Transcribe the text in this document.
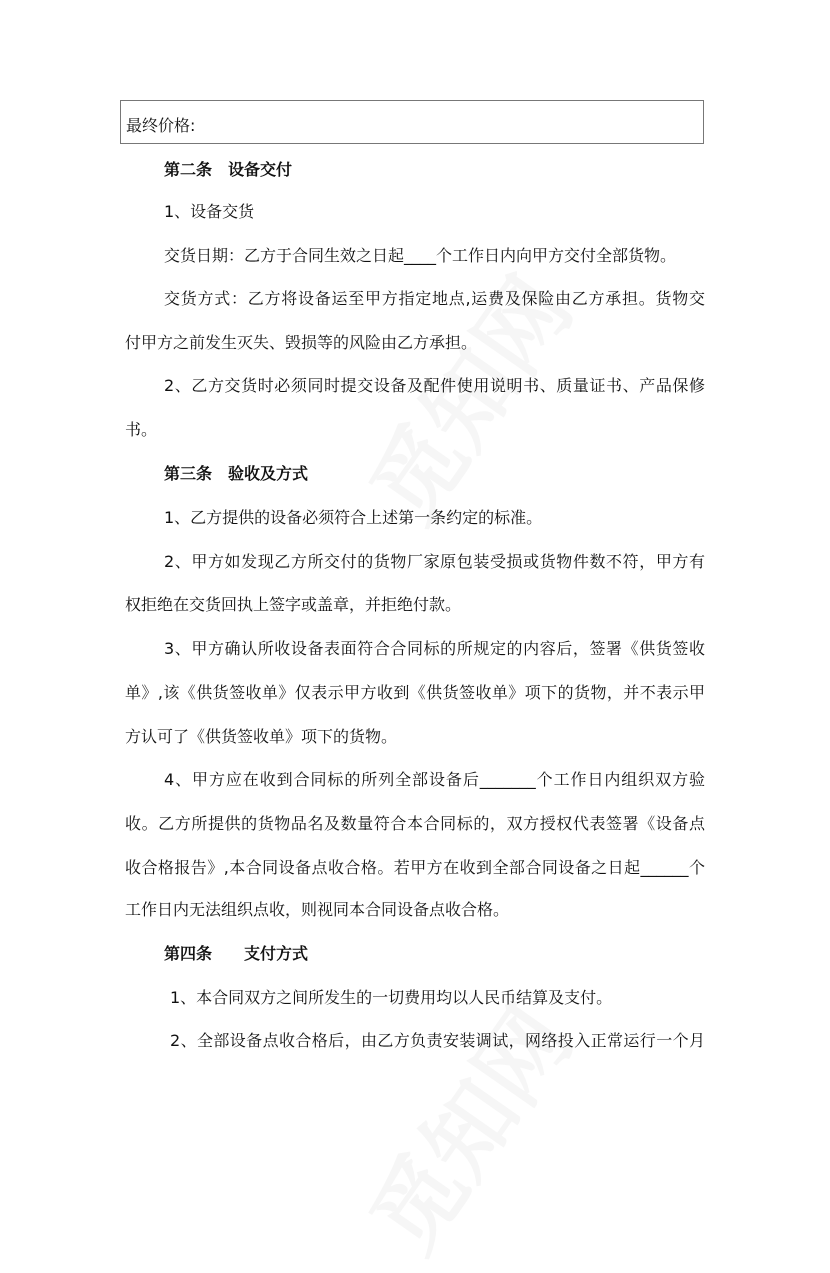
最终价格:
第二条　设备交付
1、设备交货
交货日期：乙方于合同生效之日起____个工作日内向甲方交付全部货物。
交货方式：乙方将设备运至甲方指定地点,运费及保险由乙方承担。货物交
付甲方之前发生灭失、毁损等的风险由乙方承担。
2、乙方交货时必须同时提交设备及配件使用说明书、质量证书、产品保修
书。
第三条　验收及方式
1、乙方提供的设备必须符合上述第一条约定的标准。
2、甲方如发现乙方所交付的货物厂家原包装受损或货物件数不符，甲方有
权拒绝在交货回执上签字或盖章，并拒绝付款。
3、甲方确认所收设备表面符合合同标的所规定的内容后，签署《供货签收
单》,该《供货签收单》仅表示甲方收到《供货签收单》项下的货物，并不表示甲
方认可了《供货签收单》项下的货物。
4、甲方应在收到合同标的所列全部设备后_______个工作日内组织双方验
收。乙方所提供的货物品名及数量符合本合同标的，双方授权代表签署《设备点
收合格报告》,本合同设备点收合格。若甲方在收到全部合同设备之日起______个
工作日内无法组织点收，则视同本合同设备点收合格。
第四条　　支付方式
1、本合同双方之间所发生的一切费用均以人民币结算及支付。
2、全部设备点收合格后，由乙方负责安装调试，网络投入正常运行一个月
